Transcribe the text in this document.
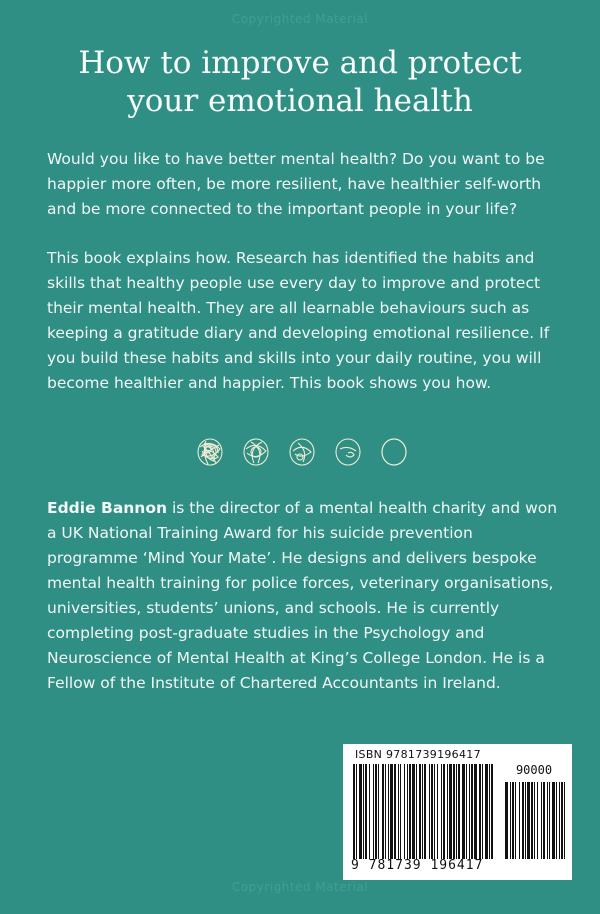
Copyrighted Material
How to improve and protect
your emotional health

Would you like to have better mental health? Do you want to be happier more often, be more resilient, have healthier self-worth and be more connected to the important people in your life?

This book explains how. Research has identified the habits and skills that healthy people use every day to improve and protect their mental health. They are all learnable behaviours such as keeping a gratitude diary and developing emotional resilience. If you build these habits and skills into your daily routine, you will become healthier and happier. This book shows you how.

Eddie Bannon is the director of a mental health charity and won a UK National Training Award for his suicide prevention programme ‘Mind Your Mate’. He designs and delivers bespoke mental health training for police forces, veterinary organisations, universities, students’ unions, and schools. He is currently completing post-graduate studies in the Psychology and Neuroscience of Mental Health at King’s College London. He is a Fellow of the Institute of Chartered Accountants in Ireland.

ISBN 9781739196417
90000
9 781739 196417
Copyrighted Material
